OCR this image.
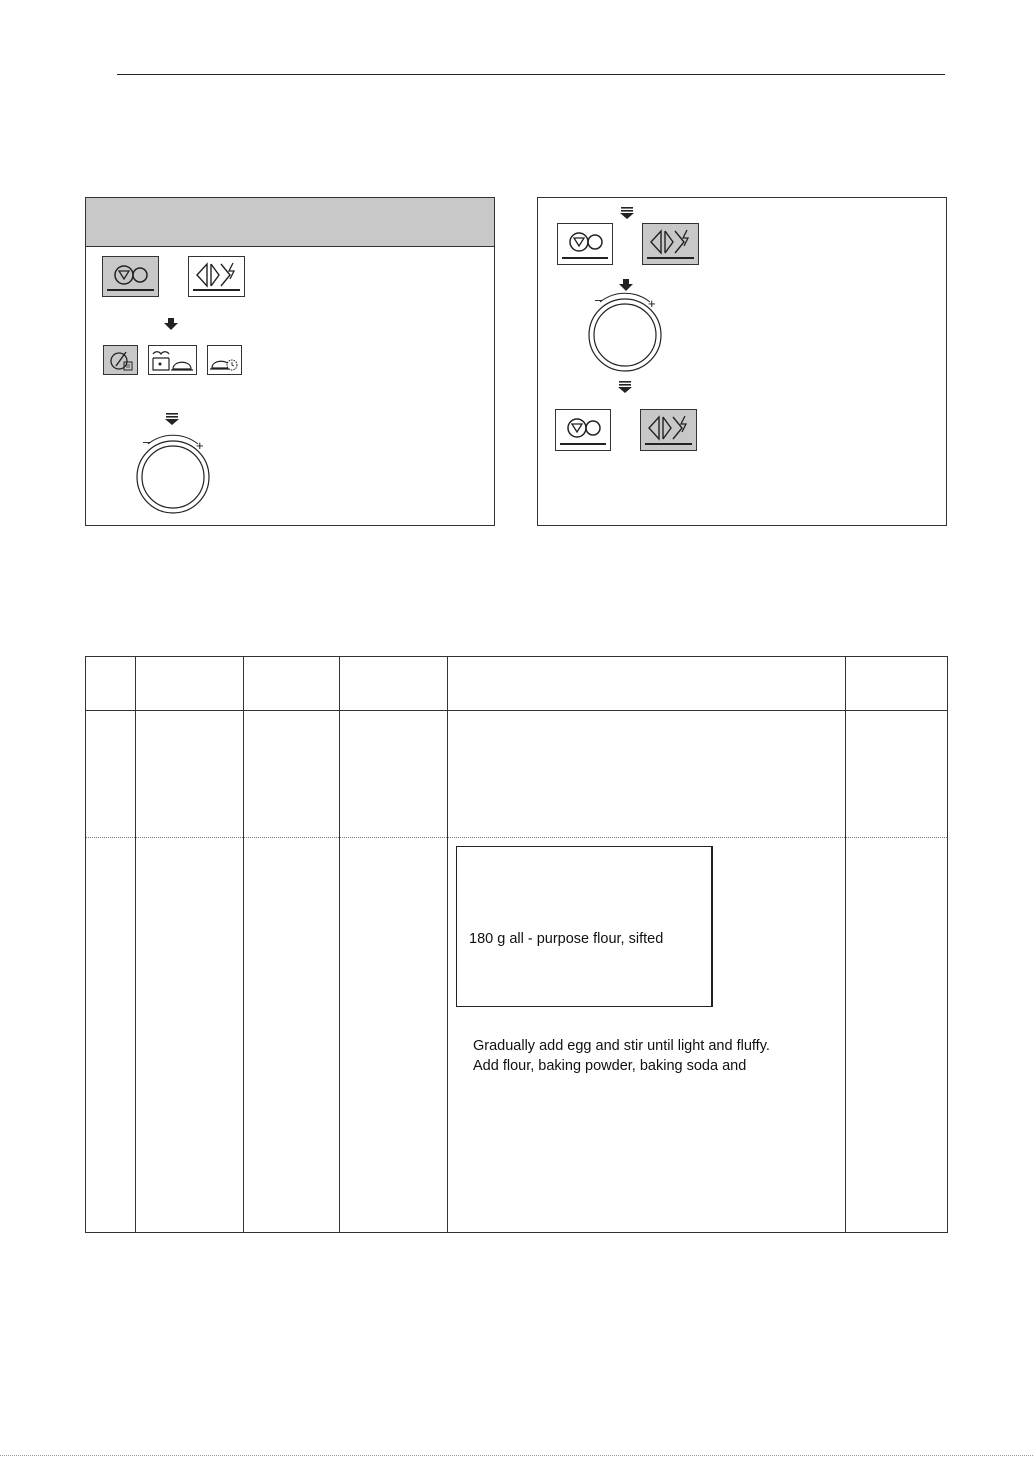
–	+
–	+

180 g all - purpose flour, sifted
Gradually add egg and stir until light and fluffy.
Add flour, baking powder, baking soda and
